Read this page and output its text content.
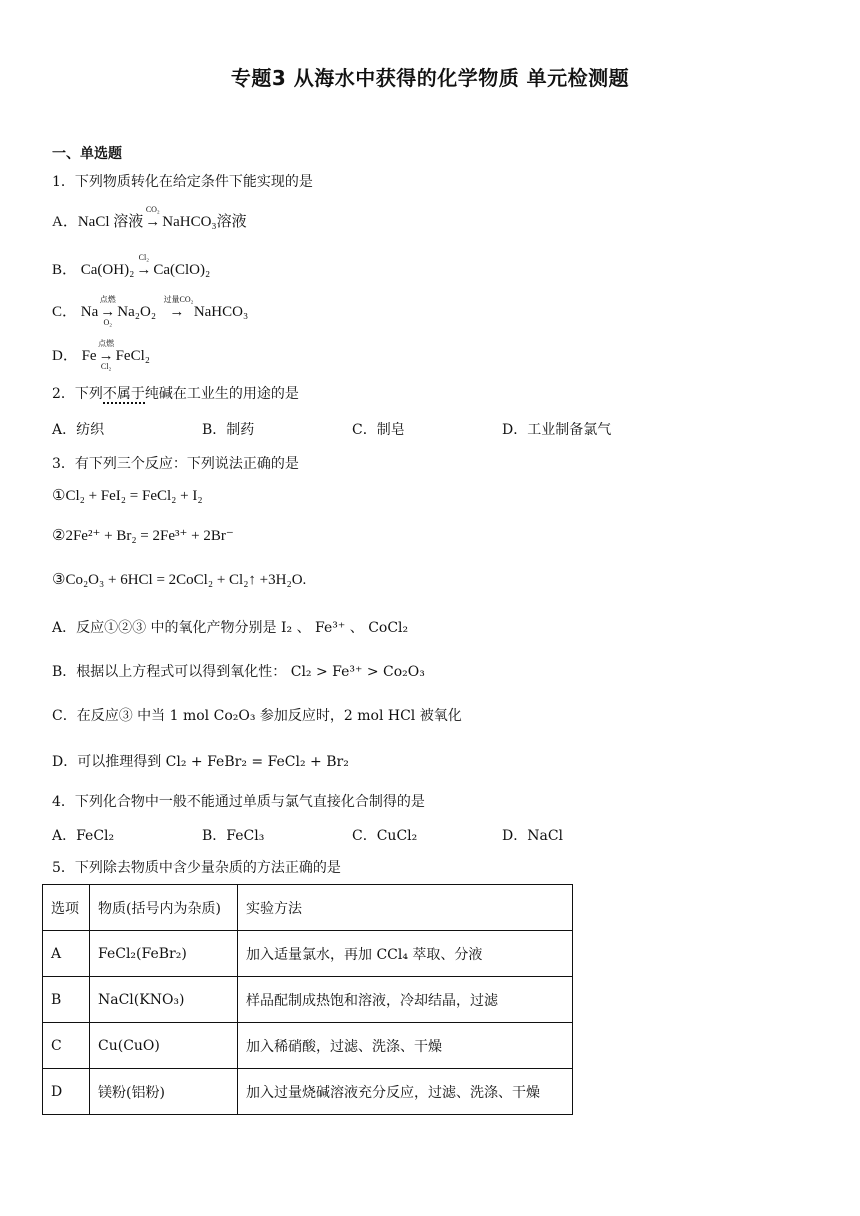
专题3 从海水中获得的化学物质 单元检测题
一、单选题
1．下列物质转化在给定条件下能实现的是
A．NaCl 溶液
CO₂
→ NaHCO₃溶液
B． Ca(OH)₂
Cl₂
→ Ca(ClO)₂
C． Na
点燃
O₂
→ Na₂O₂
过量CO₂
→  NaHCO₃
D． Fe
点燃
Cl₂
→ FeCl₂
2．下列不属于纯碱在工业生的用途的是
A．纺织	B．制药	C．制皂	D．工业制备氯气
3．有下列三个反应：下列说法正确的是
①Cl₂ + FeI₂ = FeCl₂ + I₂
②2Fe²⁺ + Br₂ = 2Fe³⁺ + 2Br⁻
③Co₂O₃ + 6HCl = 2CoCl₂ + Cl₂↑ +3H₂O.
A．反应①②③ 中的氧化产物分别是 I₂ 、 Fe³⁺ 、 CoCl₂
B．根据以上方程式可以得到氧化性： Cl₂ > Fe³⁺ > Co₂O₃
C．在反应③ 中当 1 mol Co₂O₃ 参加反应时，2 mol HCl 被氧化
D．可以推理得到 Cl₂ + FeBr₂ = FeCl₂ + Br₂
4．下列化合物中一般不能通过单质与氯气直接化合制得的是
A．FeCl₂	B．FeCl₃	C．CuCl₂	D．NaCl
5．下列除去物质中含少量杂质的方法正确的是
选项	物质(括号内为杂质)	实验方法
A	FeCl₂(FeBr₂)	加入适量氯水，再加 CCl₄ 萃取、分液
B	NaCl(KNO₃)	样品配制成热饱和溶液，冷却结晶，过滤
C	Cu(CuO)	加入稀硝酸，过滤、洗涤、干燥
D	镁粉(铝粉)	加入过量烧碱溶液充分反应，过滤、洗涤、干燥
